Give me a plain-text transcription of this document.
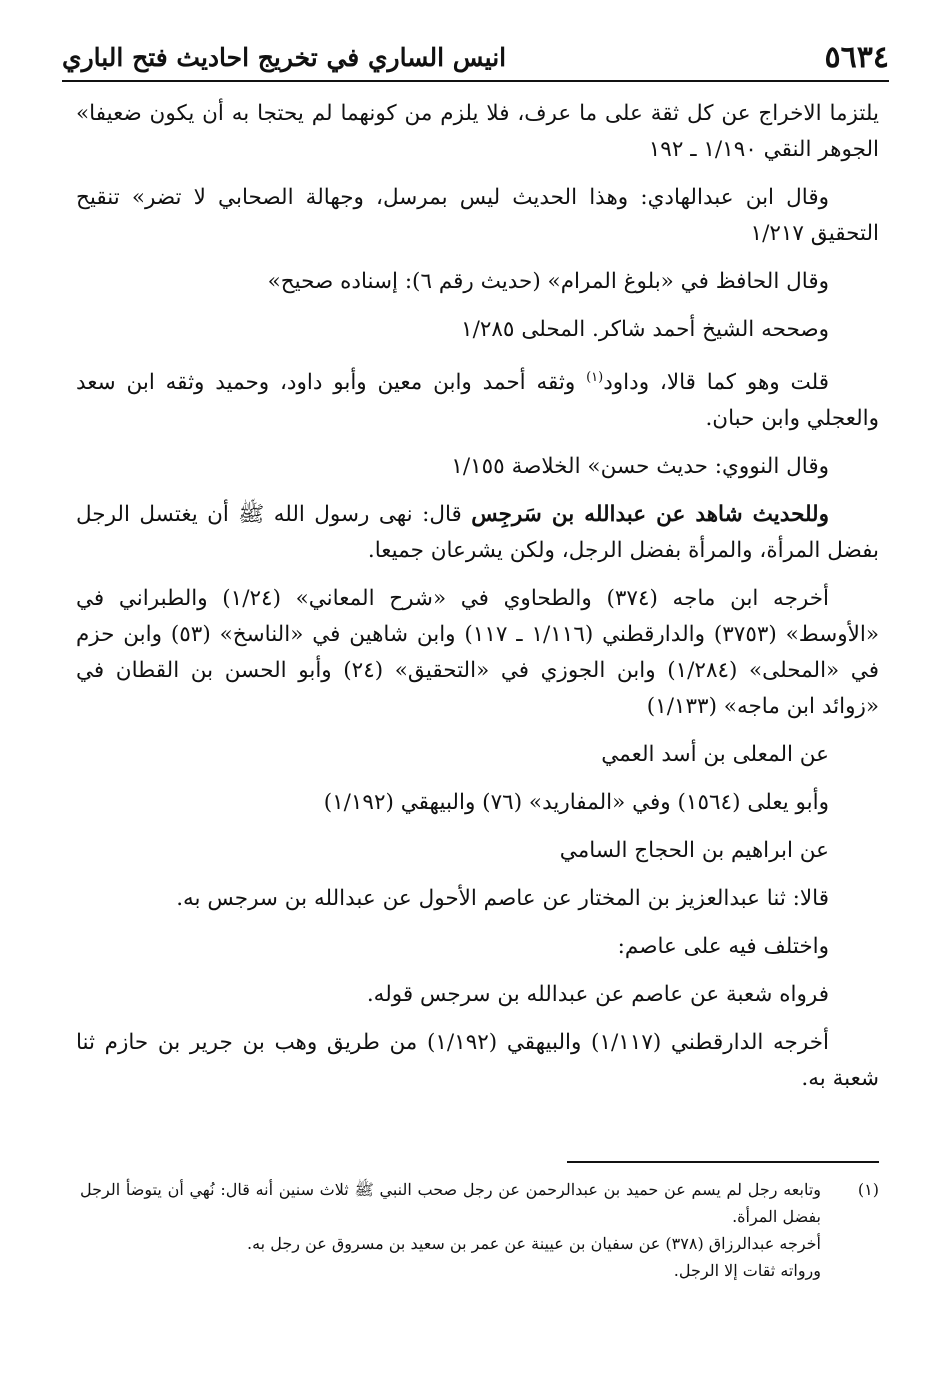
٥٦٣٤
انيس الساري في تخريج احاديث فتح الباري

يلتزما الاخراج عن كل ثقة على ما عرف، فلا يلزم من كونهما لم يحتجا به أن يكون ضعيفا» الجوهر النقي ١/١٩٠ ـ ١٩٢

وقال ابن عبدالهادي: وهذا الحديث ليس بمرسل، وجهالة الصحابي لا تضر» تنقيح التحقيق ١/٢١٧

وقال الحافظ في «بلوغ المرام» (حديث رقم ٦): إسناده صحيح»

وصححه الشيخ أحمد شاكر. المحلى ١/٢٨٥

قلت وهو كما قالا، وداود$^{(١)}$ وثقه أحمد وابن معين وأبو داود، وحميد وثقه ابن سعد والعجلي وابن حبان.

وقال النووي: حديث حسن» الخلاصة ١/١٥٥

وللحديث شاهد عن عبدالله بن سَرجِس قال: نهى رسول الله ﷺ أن يغتسل الرجل بفضل المرأة، والمرأة بفضل الرجل، ولكن يشرعان جميعا.

أخرجه ابن ماجه (٣٧٤) والطحاوي في «شرح المعاني» (١/٢٤) والطبراني في «الأوسط» (٣٧٥٣) والدارقطني (١/١١٦ ـ ١١٧) وابن شاهين في «الناسخ» (٥٣) وابن حزم في «المحلى» (١/٢٨٤) وابن الجوزي في «التحقيق» (٢٤) وأبو الحسن بن القطان في «زوائد ابن ماجه» (١/١٣٣)

عن المعلى بن أسد العمي

وأبو يعلى (١٥٦٤) وفي «المفاريد» (٧٦) والبيهقي (١/١٩٢)

عن ابراهيم بن الحجاج السامي

قالا: ثنا عبدالعزيز بن المختار عن عاصم الأحول عن عبدالله بن سرجس به.

واختلف فيه على عاصم:

فرواه شعبة عن عاصم عن عبدالله بن سرجس قوله.

أخرجه الدارقطني (١/١١٧) والبيهقي (١/١٩٢) من طريق وهب بن جرير بن حازم ثنا شعبة به.

(١)

وتابعه رجل لم يسم عن حميد بن عبدالرحمن عن رجل صحب النبي ﷺ ثلاث سنين أنه قال: نُهي أن يتوضأ الرجل بفضل المرأة.

أخرجه عبدالرزاق (٣٧٨) عن سفيان بن عيينة عن عمر بن سعيد بن مسروق عن رجل به.

ورواته ثقات إلا الرجل.
